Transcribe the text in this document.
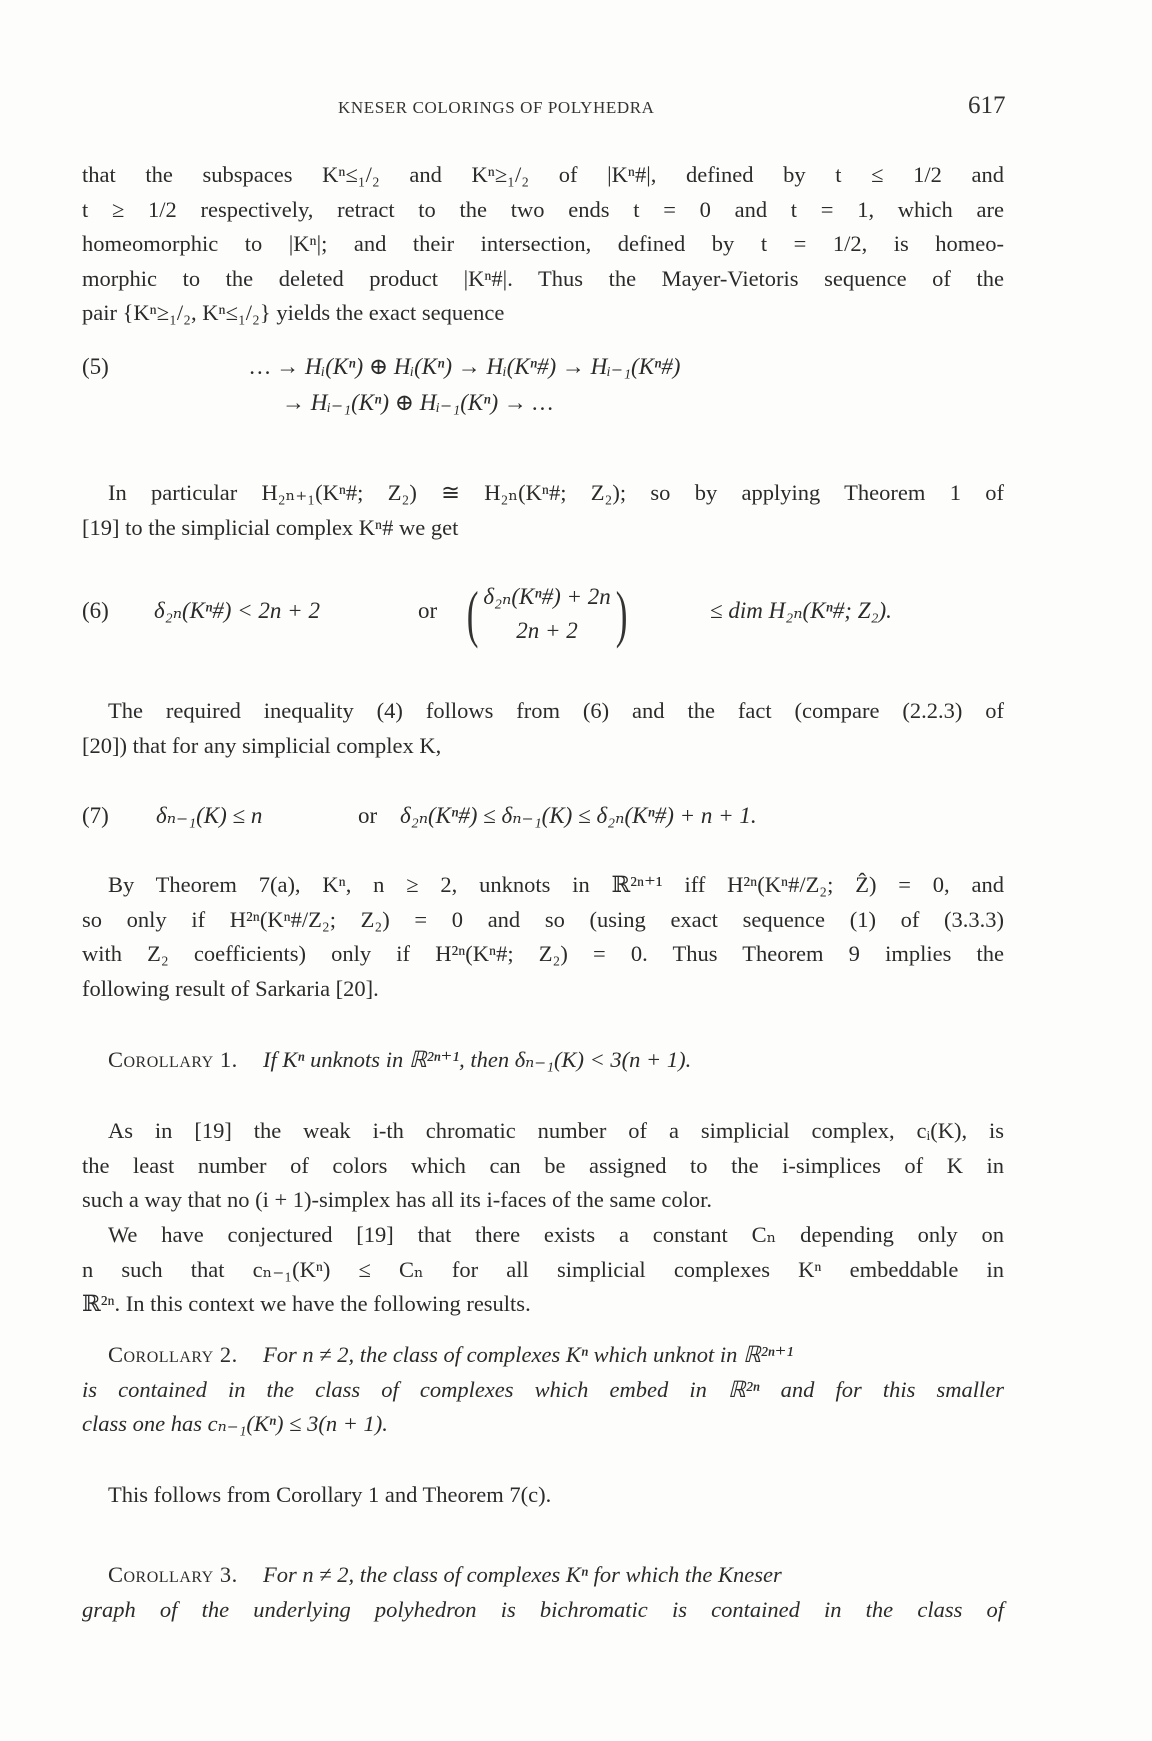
KNESER COLORINGS OF POLYHEDRA	617

that the subspaces Kⁿ≤₁/₂ and Kⁿ≥₁/₂ of |Kⁿ#|, defined by t ≤ 1/2 and

t ≥ 1/2 respectively, retract to the two ends t = 0 and t = 1, which are

homeomorphic to |Kⁿ|; and their intersection, defined by t = 1/2, is homeo-

morphic to the deleted product |Kⁿ#|. Thus the Mayer-Vietoris sequence of the

pair {Kⁿ≥₁/₂, Kⁿ≤₁/₂} yields the exact sequence

(5)	… → Hᵢ(Kⁿ) ⊕ Hᵢ(Kⁿ) → Hᵢ(Kⁿ#) → Hᵢ₋₁(Kⁿ#)
→ Hᵢ₋₁(Kⁿ) ⊕ Hᵢ₋₁(Kⁿ) → …

In particular H₂ₙ₊₁(Kⁿ#; Z₂) ≅ H₂ₙ(Kⁿ#; Z₂); so by applying Theorem 1 of

[19] to the simplicial complex Kⁿ# we get

(6) δ₂ₙ(Kⁿ#) < 2n + 2	or ( δ₂ₙ(Kⁿ#) + 2n
2n + 2 )	≤ dim H₂ₙ(Kⁿ#; Z₂).

The required inequality (4) follows from (6) and the fact (compare (2.2.3) of

[20]) that for any simplicial complex K,

(7) δₙ₋₁(K) ≤ n	or δ₂ₙ(Kⁿ#) ≤ δₙ₋₁(K) ≤ δ₂ₙ(Kⁿ#) + n + 1.

By Theorem 7(a), Kⁿ, n ≥ 2, unknots in ℝ²ⁿ⁺¹ iff H²ⁿ(Kⁿ#/Z₂; Ẑ) = 0, and

so only if H²ⁿ(Kⁿ#/Z₂; Z₂) = 0 and so (using exact sequence (1) of (3.3.3)

with Z₂ coefficients) only if H²ⁿ(Kⁿ#; Z₂) = 0. Thus Theorem 9 implies the

following result of Sarkaria [20].

Corollary 1. If Kⁿ unknots in ℝ²ⁿ⁺¹, then δₙ₋₁(K) < 3(n + 1).

As in [19] the weak i-th chromatic number of a simplicial complex, cᵢ(K), is

the least number of colors which can be assigned to the i-simplices of K in

such a way that no (i + 1)-simplex has all its i-faces of the same color.

We have conjectured [19] that there exists a constant Cₙ depending only on

n such that cₙ₋₁(Kⁿ) ≤ Cₙ for all simplicial complexes Kⁿ embeddable in

ℝ²ⁿ. In this context we have the following results.

Corollary 2. For n ≠ 2, the class of complexes Kⁿ which unknot in ℝ²ⁿ⁺¹

is contained in the class of complexes which embed in ℝ²ⁿ and for this smaller

class one has cₙ₋₁(Kⁿ) ≤ 3(n + 1).

This follows from Corollary 1 and Theorem 7(c).

Corollary 3. For n ≠ 2, the class of complexes Kⁿ for which the Kneser

graph of the underlying polyhedron is bichromatic is contained in the class of
